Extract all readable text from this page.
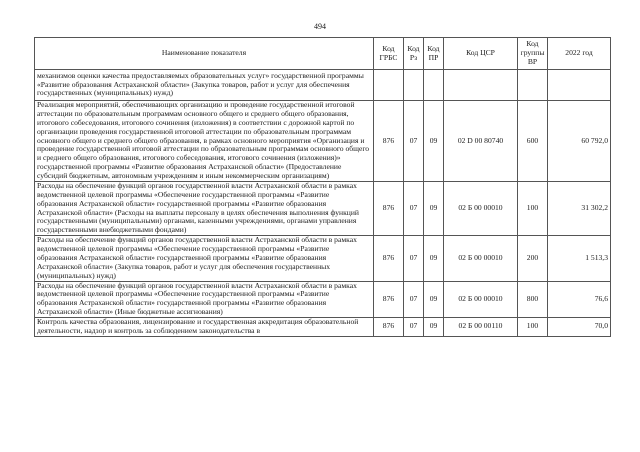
494
Наименование показателя	Код ГРБС	Код Рз	Код ПР	Код ЦСР	Код группы ВР	2022 год
механизмов оценки качества предоставляемых образовательных услуг» государственной программы «Развитие образования Астраханской области» (Закупка товаров, работ и услуг для обеспечения государственных (муниципальных) нужд)						
Реализация мероприятий, обеспечивающих организацию и проведение государственной итоговой аттестации по образовательным программам основного общего и среднего общего образования, итогового собеседования, итогового сочинения (изложения) в соответствии с дорожной картой по организации проведения государственной итоговой аттестации по образовательным программам основного общего и среднего общего образования, в рамках основного мероприятия «Организация и проведение государственной итоговой аттестации по образовательным программам основного общего и среднего общего образования, итогового собеседования, итогового сочинения (изложения)» государственной программы «Развитие образования Астраханской области» (Предоставление субсидий бюджетным, автономным учреждениям и иным некоммерческим организациям)	876	07	09	02 D 00 80740	600	60 792,0
Расходы на обеспечение функций органов государственной власти Астраханской области в рамках ведомственной целевой программы «Обеспечение государственной программы «Развитие образования Астраханской области» государственной программы «Развитие образования Астраханской области» (Расходы на выплаты персоналу в целях обеспечения выполнения функций государственными (муниципальными) органами, казенными учреждениями, органами управления государственными внебюджетными фондами)	876	07	09	02 Б 00 00010	100	31 302,2
Расходы на обеспечение функций органов государственной власти Астраханской области в рамках ведомственной целевой программы «Обеспечение государственной программы «Развитие образования Астраханской области» государственной программы «Развитие образования Астраханской области» (Закупка товаров, работ и услуг для обеспечения государственных (муниципальных) нужд)	876	07	09	02 Б 00 00010	200	1 513,3
Расходы на обеспечение функций органов государственной власти Астраханской области в рамках ведомственной целевой программы «Обеспечение государственной программы «Развитие образования Астраханской области» государственной программы «Развитие образования Астраханской области» (Иные бюджетные ассигнования)	876	07	09	02 Б 00 00010	800	76,6
Контроль качества образования, лицензирование и государственная аккредитация образовательной деятельности, надзор и контроль за соблюдением законодательства в	876	07	09	02 Б 00 00110	100	70,0
